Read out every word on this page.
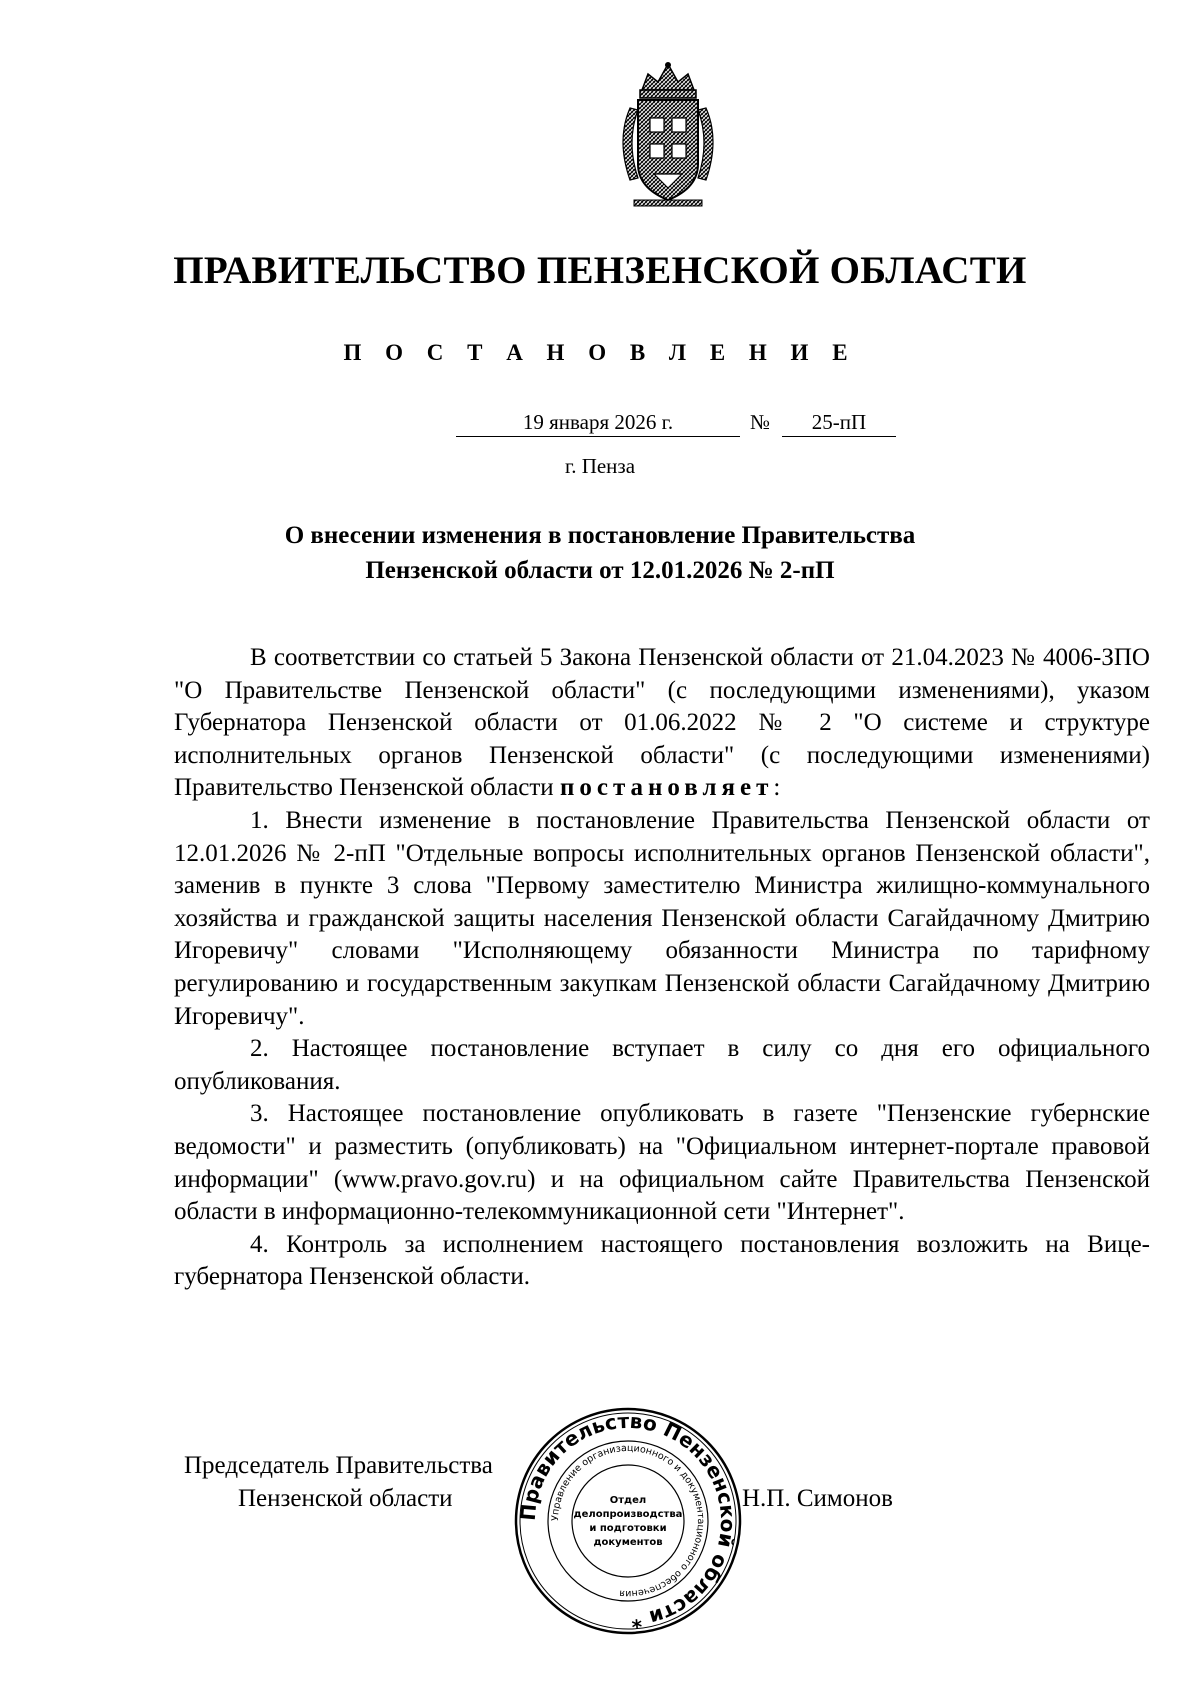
ПРАВИТЕЛЬСТВО ПЕНЗЕНСКОЙ ОБЛАСТИ
П О С Т А Н О В Л Е Н И Е
19 января 2026 г.	№	25-пП
г. Пенза
О внесении изменения в постановление Правительства
Пензенской области от 12.01.2026 № 2-пП

В соответствии со статьей 5 Закона Пензенской области от 21.04.2023 № 4006-ЗПО "О Правительстве Пензенской области" (с последующими изменениями), указом Губернатора Пензенской области от 01.06.2022 № 2 "О системе и структуре исполнительных органов Пензенской области" (с последующими изменениями) Правительство Пензенской области постановляет:

1. Внести изменение в постановление Правительства Пензенской области от 12.01.2026 № 2-пП "Отдельные вопросы исполнительных органов Пензенской области", заменив в пункте 3 слова "Первому заместителю Министра жилищно-коммунального хозяйства и гражданской защиты населения Пензенской области Сагайдачному Дмитрию Игоревичу" словами "Исполняющему обязанности Министра по тарифному регулированию и государственным закупкам Пензенской области Сагайдачному Дмитрию Игоревичу".

2. Настоящее постановление вступает в силу со дня его официального опубликования.

3. Настоящее постановление опубликовать в газете "Пензенские губернские ведомости" и разместить (опубликовать) на "Официальном интернет-портале правовой информации" (www.pravo.gov.ru) и на официальном сайте Правительства Пензенской области в информационно-телекоммуникационной сети "Интернет".

4. Контроль за исполнением настоящего постановления возложить на Вице-губернатора Пензенской области.

Председатель Правительства
Пензенской области	Н.П. Симонов
Правительство Пензенской области *
Управление организационного и документационного обеспечения
Отдел
делопроизводства
и подготовки
документов
